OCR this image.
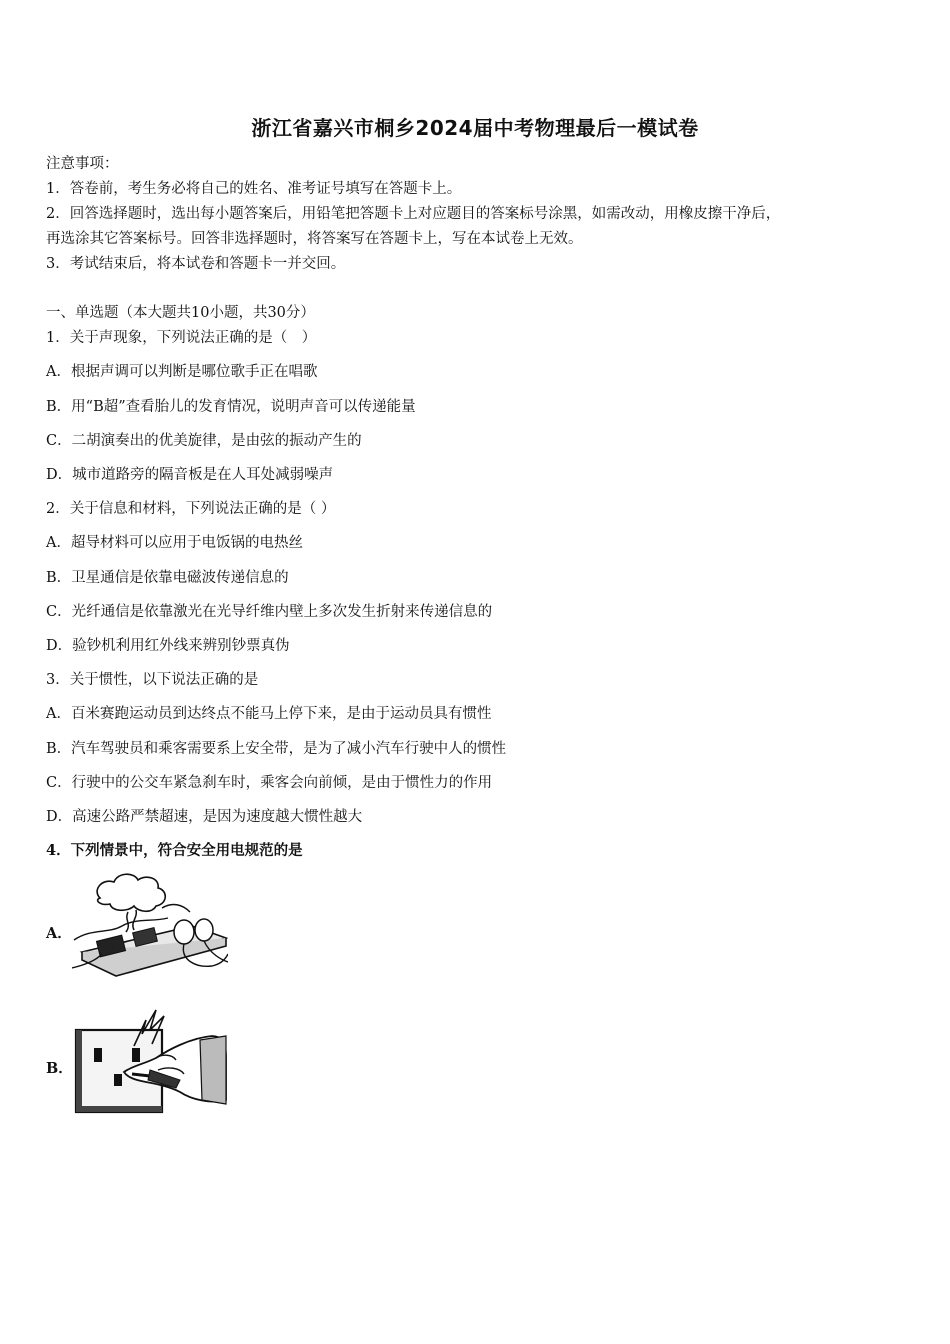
浙江省嘉兴市桐乡2024届中考物理最后一模试卷
注意事项：
1．答卷前，考生务必将自己的姓名、准考证号填写在答题卡上。
2．回答选择题时，选出每小题答案后，用铅笔把答题卡上对应题目的答案标号涂黑，如需改动，用橡皮擦干净后，
再选涂其它答案标号。回答非选择题时，将答案写在答题卡上，写在本试卷上无效。
3．考试结束后，将本试卷和答题卡一并交回。
一、单选题（本大题共10小题，共30分）
1．关于声现象，下列说法正确的是（　）
A．根据声调可以判断是哪位歌手正在唱歌
B．用“B超”查看胎儿的发育情况，说明声音可以传递能量
C．二胡演奏出的优美旋律，是由弦的振动产生的
D．城市道路旁的隔音板是在人耳处减弱噪声
2．关于信息和材料，下列说法正确的是（ ）
A．超导材料可以应用于电饭锅的电热丝
B．卫星通信是依靠电磁波传递信息的
C．光纤通信是依靠激光在光导纤维内壁上多次发生折射来传递信息的
D．验钞机利用红外线来辨别钞票真伪
3．关于惯性，以下说法正确的是
A．百米赛跑运动员到达终点不能马上停下来，是由于运动员具有惯性
B．汽车驾驶员和乘客需要系上安全带，是为了减小汽车行驶中人的惯性
C．行驶中的公交车紧急刹车时，乘客会向前倾，是由于惯性力的作用
D．高速公路严禁超速，是因为速度越大惯性越大
4．下列情景中，符合安全用电规范的是
A．
B．
